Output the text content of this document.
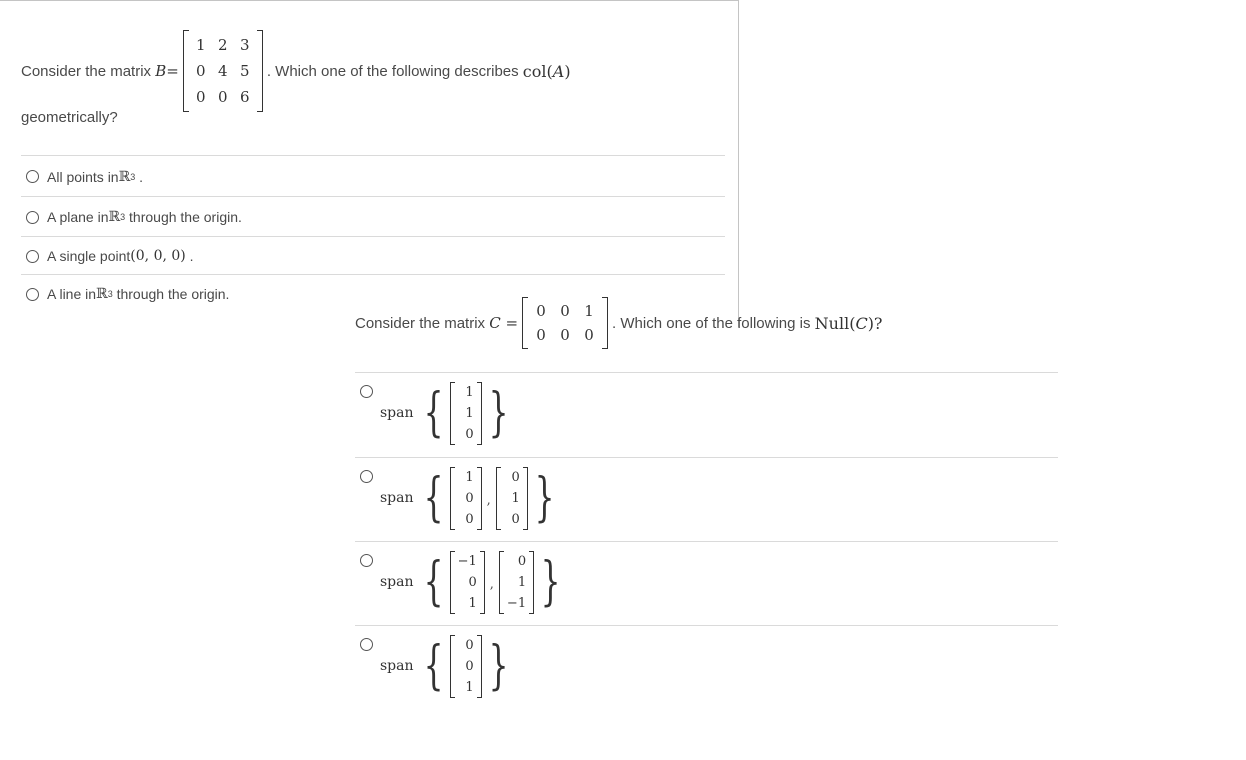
Consider the matrix B =
1 2 3
0 4 5
0 0 6
. Which one of the following describes col(A)
geometrically?
All points in ℝ 3 .
A plane in ℝ 3 through the origin.
A single point (0, 0, 0) .
A line in ℝ 3 through the origin.
Consider the matrix C =
0 0 1
0 0 0
. Which one of the following is Null(C)?
span {	1
1
0 }
span {	1
0
0
,
0
1
0 }
span { −1
0
1
,
0
1
−1 }
span {	0
0
1 }
